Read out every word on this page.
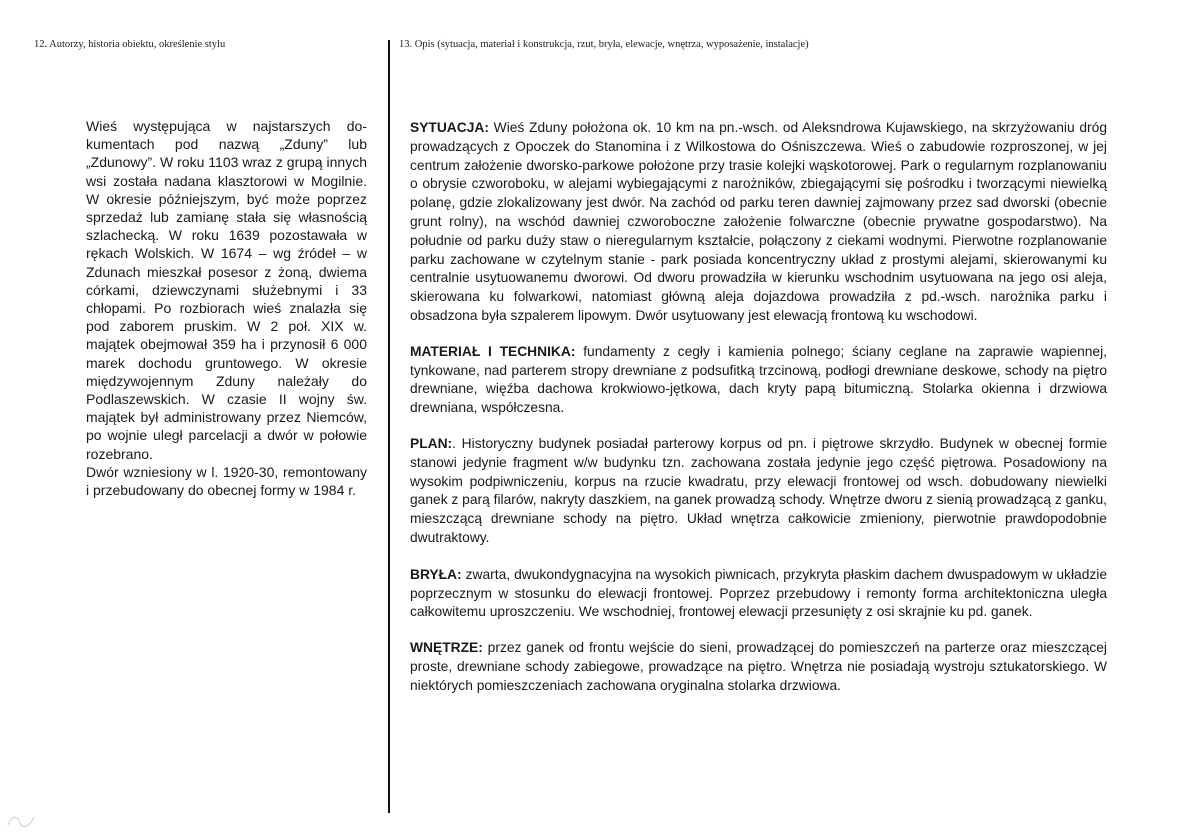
12. Autorzy, historia obiektu, określenie stylu	13. Opis (sytuacja, materiał i konstrukcja, rzut, bryła, elewacje, wnętrza, wyposażenie, instalacje)

Wieś występująca w najstarszych dokumentach pod nazwą „Zduny” lub „Zdunowy”. W roku 1103 wraz z grupą innych wsi została nadana klasztorowi w Mogilnie. W okresie późniejszym, być może poprzez sprzedaż lub zamianę stała się własnością szlachecką. W roku 1639 pozostawała w rękach Wolskich. W 1674 – wg źródeł – w Zdunach mieszkał posesor z żoną, dwiema córkami, dziewczynami służebnymi i 33 chłopami. Po rozbiorach wieś znalazła się pod zaborem pruskim. W 2 poł. XIX w. majątek obejmował 359 ha i przynosił 6 000 marek dochodu gruntowego. W okresie międzywojennym Zduny należały do Podlaszewskich. W czasie II wojny św. majątek był administrowany przez Niemców, po wojnie uległ parcelacji a dwór w połowie rozebrano.

Dwór wzniesiony w l. 1920-30, remontowany i przebudowany do obecnej formy w 1984 r.

SYTUACJA: Wieś Zduny położona ok. 10 km na pn.-wsch. od Aleksndrowa Kujawskiego, na skrzyżowaniu dróg prowadzących z Opoczek do Stanomina i z Wilkostowa do Ośniszczewa. Wieś o zabudowie rozproszonej, w jej centrum założenie dworsko-parkowe położone przy trasie kolejki wąskotorowej. Park o regularnym rozplanowaniu o obrysie czworoboku, w alejami wybiegającymi z narożników, zbiegającymi się pośrodku i tworzącymi niewielką polanę, gdzie zlokalizowany jest dwór. Na zachód od parku teren dawniej zajmowany przez sad dworski (obecnie grunt rolny), na wschód dawniej czworoboczne założenie folwarczne (obecnie prywatne gospodarstwo). Na południe od parku duży staw o nieregularnym kształcie, połączony z ciekami wodnymi. Pierwotne rozplanowanie parku zachowane w czytelnym stanie - park posiada koncentryczny układ z prostymi alejami, skierowanymi ku centralnie usytuowanemu dworowi. Od dworu prowadziła w kierunku wschodnim usytuowana na jego osi aleja, skierowana ku folwarkowi, natomiast główną aleja dojazdowa prowadziła z pd.-wsch. narożnika parku i obsadzona była szpalerem lipowym. Dwór usytuowany jest elewacją frontową ku wschodowi.

MATERIAŁ I TECHNIKA: fundamenty z cegły i kamienia polnego; ściany ceglane na zaprawie wapiennej, tynkowane, nad parterem stropy drewniane z podsufitką trzcinową, podłogi drewniane deskowe, schody na piętro drewniane, więźba dachowa krokwiowo-jętkowa, dach kryty papą bitumiczną. Stolarka okienna i drzwiowa drewniana, współczesna.

PLAN:. Historyczny budynek posiadał parterowy korpus od pn. i piętrowe skrzydło. Budynek w obecnej formie stanowi jedynie fragment w/w budynku tzn. zachowana została jedynie jego część piętrowa. Posadowiony na wysokim podpiwniczeniu, korpus na rzucie kwadratu, przy elewacji frontowej od wsch. dobudowany niewielki ganek z parą filarów, nakryty daszkiem, na ganek prowadzą schody. Wnętrze dworu z sienią prowadzącą z ganku, mieszczącą drewniane schody na piętro. Układ wnętrza całkowicie zmieniony, pierwotnie prawdopodobnie dwutraktowy.

BRYŁA: zwarta, dwukondygnacyjna na wysokich piwnicach, przykryta płaskim dachem dwuspadowym w układzie poprzecznym w stosunku do elewacji frontowej. Poprzez przebudowy i remonty forma architektoniczna uległa całkowitemu uproszczeniu. We wschodniej, frontowej elewacji przesunięty z osi skrajnie ku pd. ganek.

WNĘTRZE: przez ganek od frontu wejście do sieni, prowadzącej do pomieszczeń na parterze oraz mieszczącej proste, drewniane schody zabiegowe, prowadzące na piętro. Wnętrza nie posiadają wystroju sztukatorskiego. W niektórych pomieszczeniach zachowana oryginalna stolarka drzwiowa.
